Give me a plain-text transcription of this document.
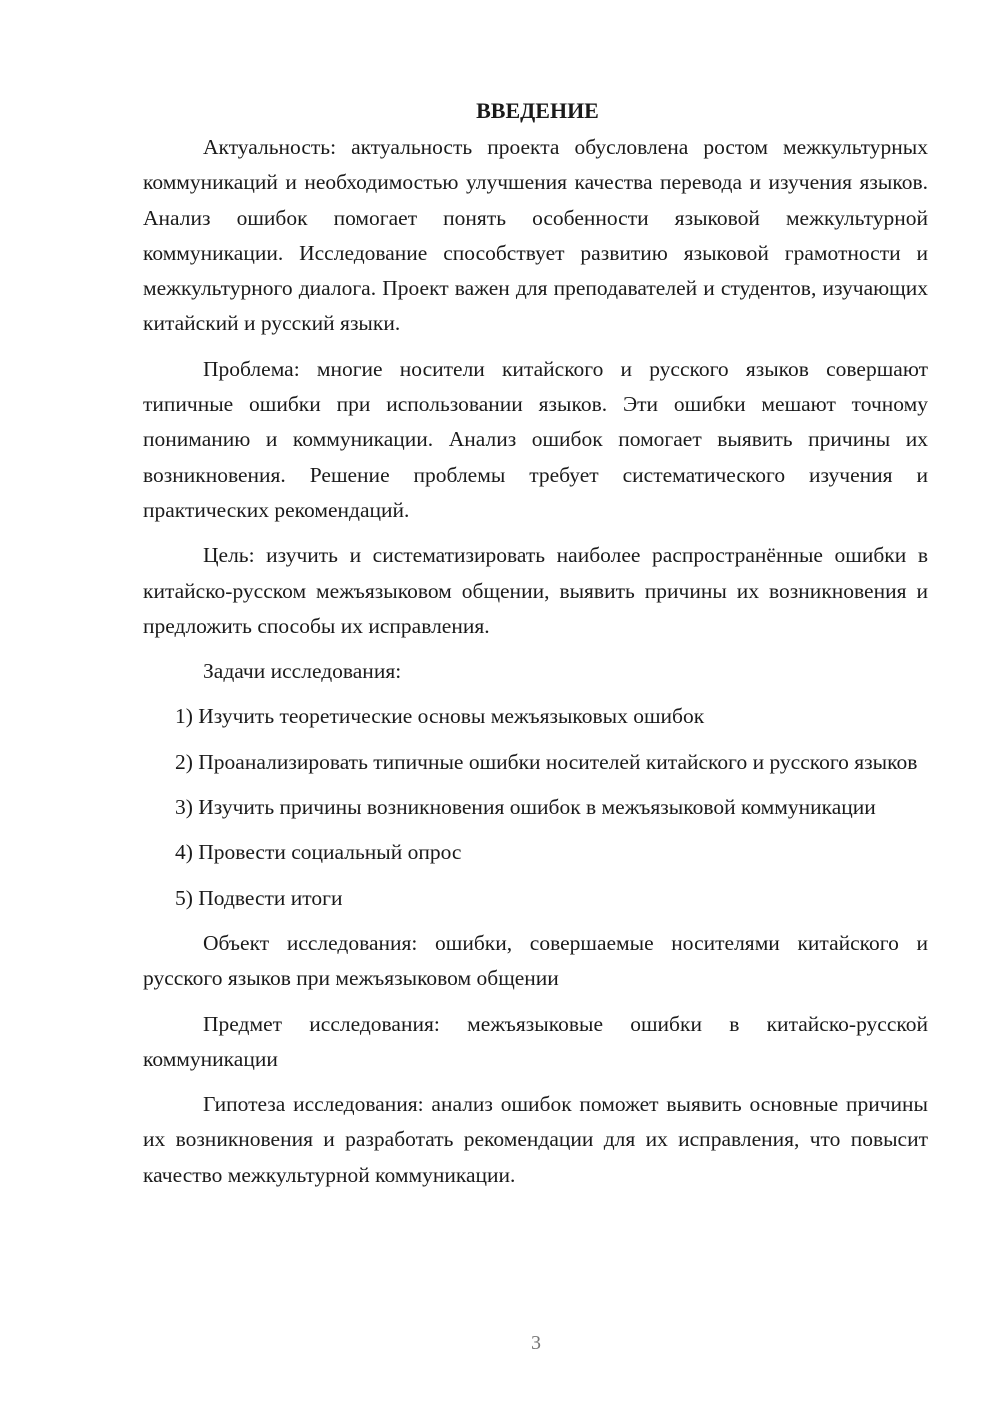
ВВЕДЕНИЕ

Актуальность: актуальность проекта обусловлена ростом межкультурных коммуникаций и необходимостью улучшения качества перевода и изучения языков. Анализ ошибок помогает понять особенности языковой межкультурной коммуникации. Исследование способствует развитию языковой грамотности и межкультурного диалога. Проект важен для преподавателей и студентов, изучающих китайский и русский языки.

Проблема: многие носители китайского и русского языков совершают типичные ошибки при использовании языков. Эти ошибки мешают точному пониманию и коммуникации. Анализ ошибок помогает выявить причины их возникновения. Решение проблемы требует систематического изучения и практических рекомендаций.

Цель: изучить и систематизировать наиболее распространённые ошибки в китайско-русском межъязыковом общении, выявить причины их возникновения и предложить способы их исправления.

Задачи исследования:

1) Изучить теоретические основы межъязыковых ошибок

2) Проанализировать типичные ошибки носителей китайского и русского языков

3) Изучить причины возникновения ошибок в межъязыковой коммуникации

4) Провести социальный опрос

5) Подвести итоги

Объект исследования: ошибки, совершаемые носителями китайского и русского языков при межъязыковом общении

Предмет исследования: межъязыковые ошибки в китайско-русской коммуникации

Гипотеза исследования: анализ ошибок поможет выявить основные причины их возникновения и разработать рекомендации для их исправления, что повысит качество межкультурной коммуникации.

3
